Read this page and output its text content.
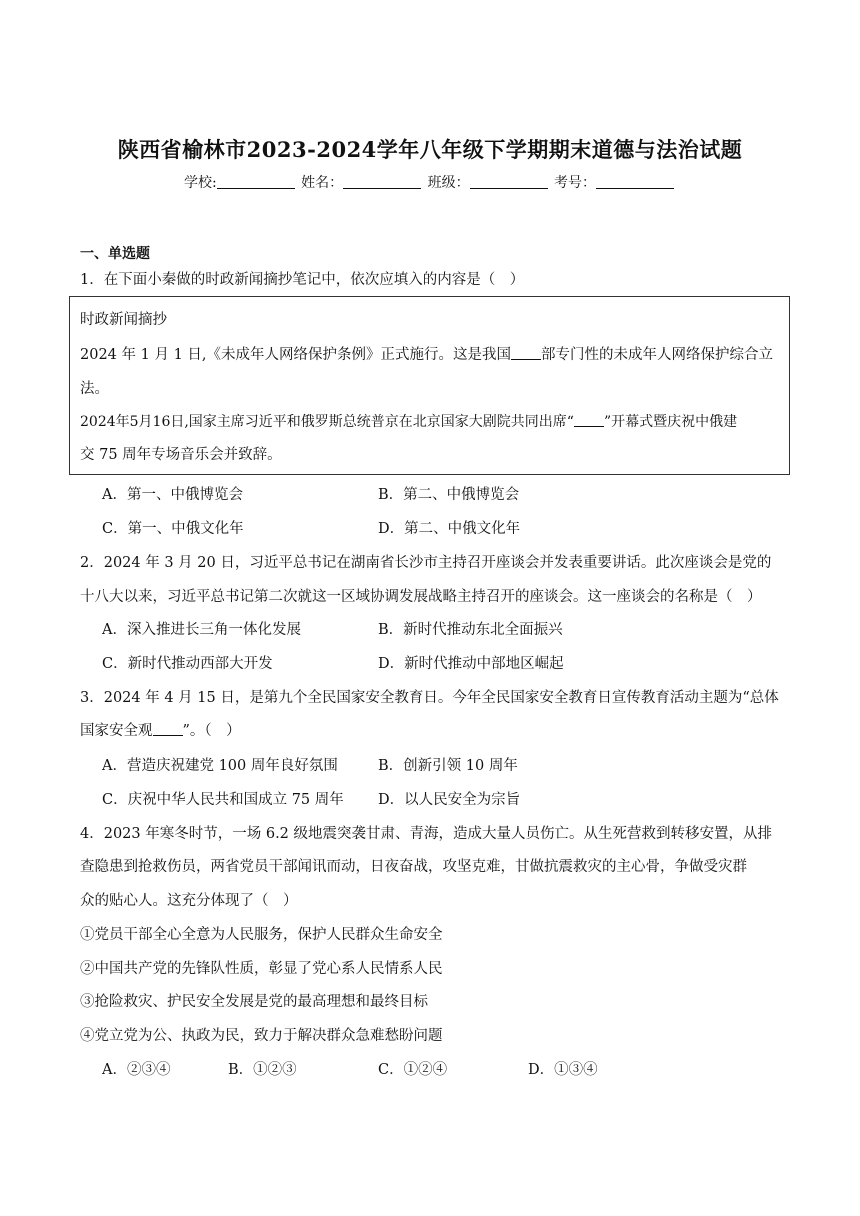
陕西省榆林市2023-2024学年八年级下学期期末道德与法治试题
学校:	姓名：	班级：	考号：
一、单选题
1．在下面小秦做的时政新闻摘抄笔记中，依次应填入的内容是（　）
时政新闻摘抄
2024 年 1 月 1 日,《未成年人网络保护条例》正式施行。这是我国 部专门性的未成年人网络保护综合立
法。
2024年5月16日,国家主席习近平和俄罗斯总统普京在北京国家大剧院共同出席“ ”开幕式暨庆祝中俄建
交 75 周年专场音乐会并致辞。
A．第一、中俄博览会	B．第二、中俄博览会
C．第一、中俄文化年	D．第二、中俄文化年
2．2024 年 3 月 20 日，习近平总书记在湖南省长沙市主持召开座谈会并发表重要讲话。此次座谈会是党的
十八大以来，习近平总书记第二次就这一区域协调发展战略主持召开的座谈会。这一座谈会的名称是（　）
A．深入推进长三角一体化发展	B．新时代推动东北全面振兴
C．新时代推动西部大开发	D．新时代推动中部地区崛起
3．2024 年 4 月 15 日，是第九个全民国家安全教育日。今年全民国家安全教育日宣传教育活动主题为“总体
国家安全观 ”。（　）
A．营造庆祝建党 100 周年良好氛围	B．创新引领 10 周年
C．庆祝中华人民共和国成立 75 周年 D．以人民安全为宗旨
4．2023 年寒冬时节，一场 6.2 级地震突袭甘肃、青海，造成大量人员伤亡。从生死营救到转移安置，从排
查隐患到抢救伤员，两省党员干部闻讯而动，日夜奋战，攻坚克难，甘做抗震救灾的主心骨，争做受灾群
众的贴心人。这充分体现了（　）
①党员干部全心全意为人民服务，保护人民群众生命安全
②中国共产党的先锋队性质，彰显了党心系人民情系人民
③抢险救灾、护民安全发展是党的最高理想和最终目标
④党立党为公、执政为民，致力于解决群众急难愁盼问题
A．②③④	B．①②③	C．①②④	D．①③④
